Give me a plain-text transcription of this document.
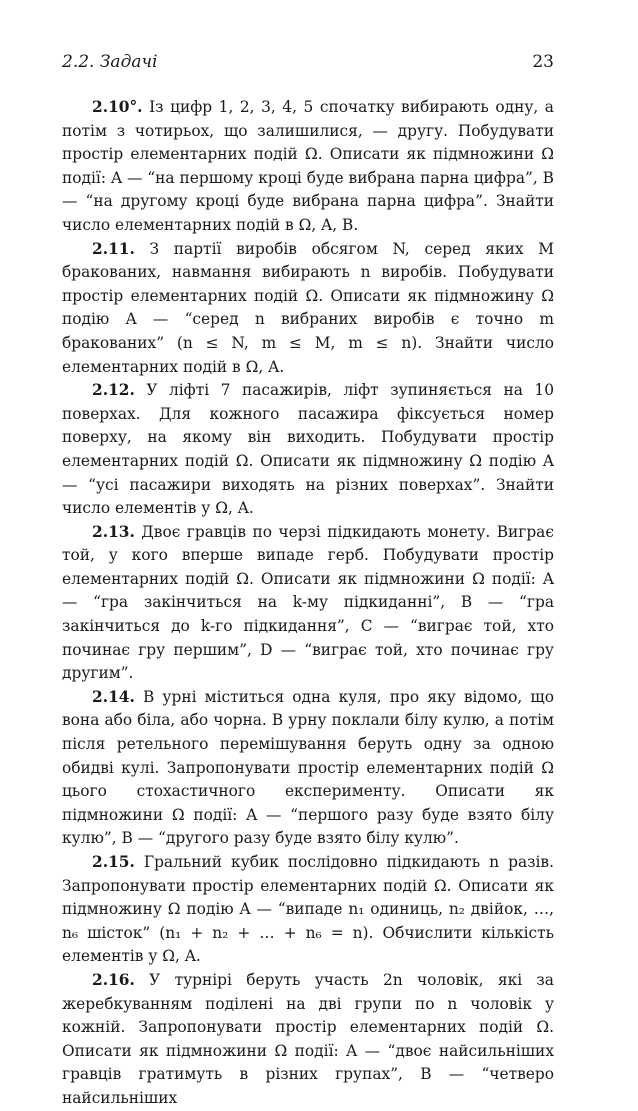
2.2. Задачі	23

2.10°. Із цифр 1, 2, 3, 4, 5 спочатку вибирають одну, а потім з чотирьох, що залишилися, — другу. Побудувати простір елементарних подій Ω. Описати як підмножини Ω події: A — “на першому кроці буде вибрана парна цифра”, B — “на другому кроці буде вибрана парна цифра”. Знайти число елементарних подій в Ω, A, B.

2.11. З партії виробів обсягом N, серед яких M бракованих, навмання вибирають n виробів. Побудувати простір елементарних подій Ω. Описати як підмножину Ω подію A — “серед n вибраних виробів є точно m бракованих” (n ≤ N, m ≤ M, m ≤ n). Знайти число елементарних подій в Ω, A.

2.12. У ліфті 7 пасажирів, ліфт зупиняється на 10 поверхах. Для кожного пасажира фіксується номер поверху, на якому він виходить. Побудувати простір елементарних подій Ω. Описати як підмножину Ω подію A — “усі пасажири виходять на різних поверхах”. Знайти число елементів у Ω, A.

2.13. Двоє гравців по черзі підкидають монету. Виграє той, у кого вперше випаде герб. Побудувати простір елементарних подій Ω. Описати як підмножини Ω події: A — “гра закінчиться на k-му підкиданні”, B — “гра закінчиться до k-го підкидання”, C — “виграє той, хто починає гру першим”, D — “виграє той, хто починає гру другим”.

2.14. В урні міститься одна куля, про яку відомо, що вона або біла, або чорна. В урну поклали білу кулю, а потім після ретельного перемішування беруть одну за одною обидві кулі. Запропонувати простір елементарних подій Ω цього стохастичного експерименту. Описати як підмножини Ω події: A — “першого разу буде взято білу кулю”, B — “другого разу буде взято білу кулю”.

2.15. Гральний кубик послідовно підкидають n разів. Запропонувати простір елементарних подій Ω. Описати як підмножину Ω подію A — “випаде n₁ одиниць, n₂ двійок, …, n₆ шісток” (n₁ + n₂ + … + n₆ = n). Обчислити кількість елементів у Ω, A.

2.16. У турнірі беруть участь 2n чоловік, які за жеребкуванням поділені на дві групи по n чоловік у кожній. Запропонувати простір елементарних подій Ω. Описати як підмножини Ω події: A — “двоє найсильніших гравців гратимуть в різних групах”, B — “четверо найсильніших
